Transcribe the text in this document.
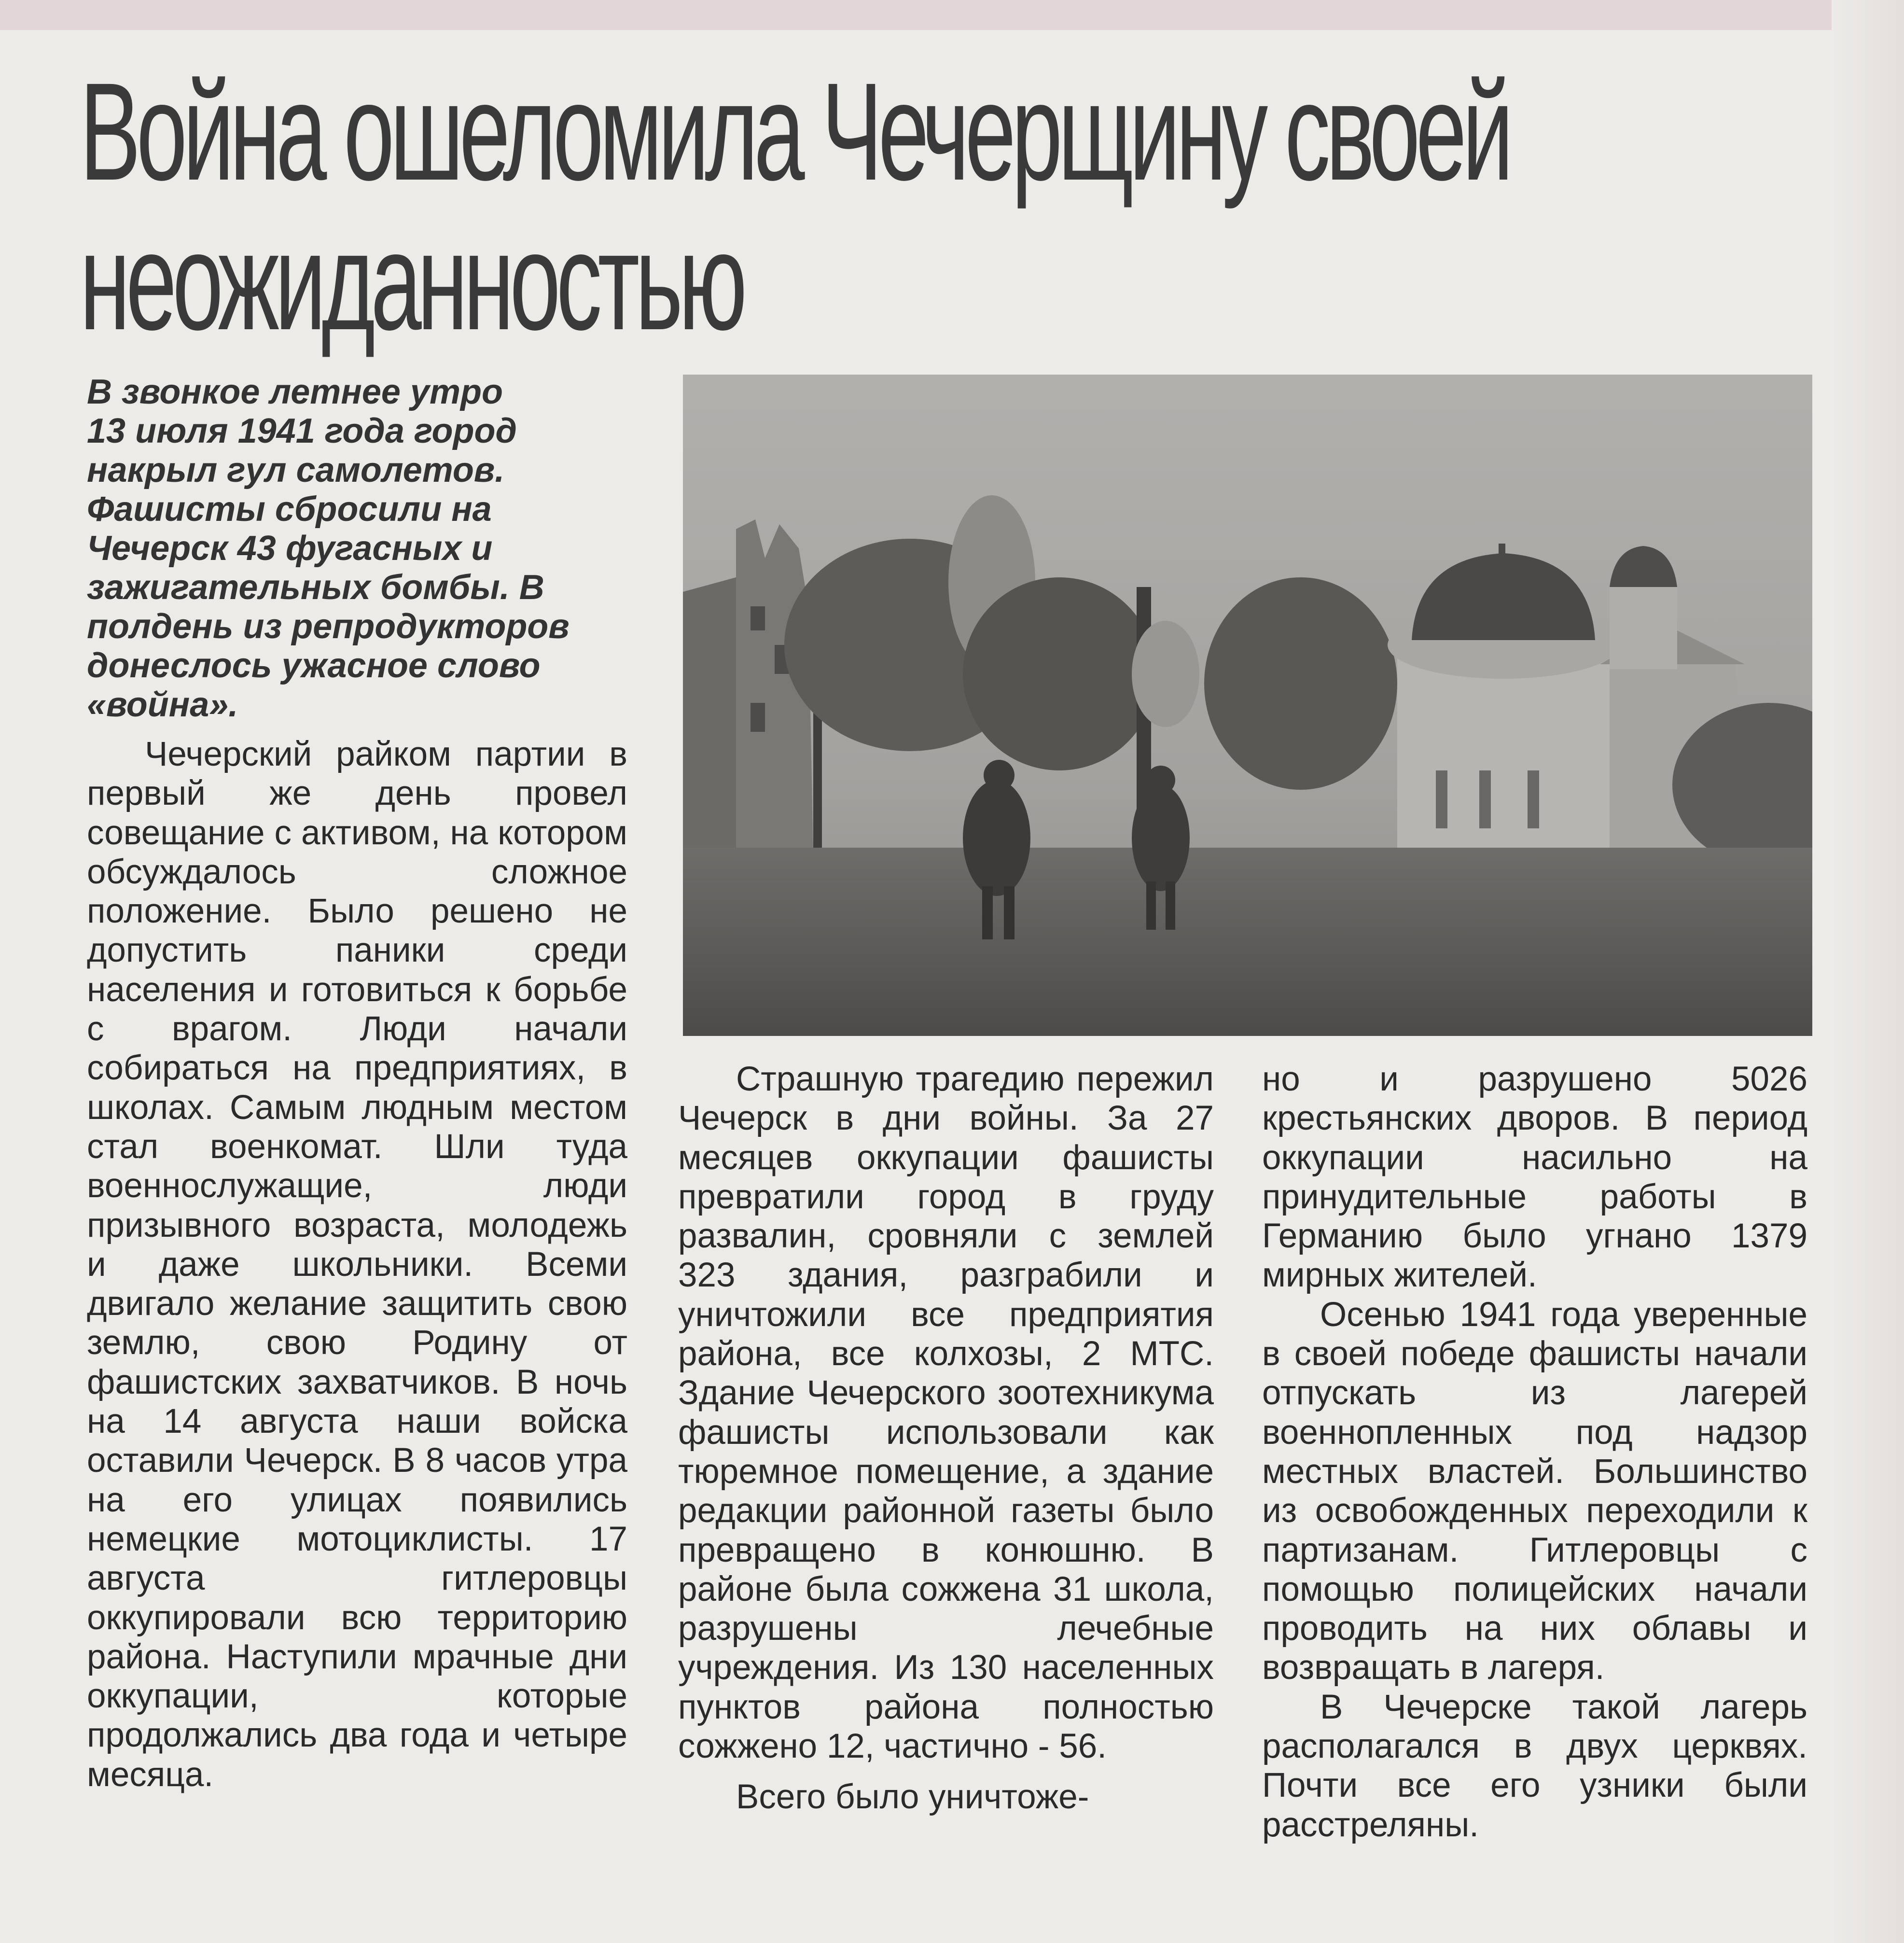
Война ошеломила Чечерщину своей
неожиданностью
В звонкое летнее утро
13 июля 1941 года город
накрыл гул самолетов.
Фашисты сбросили на
Чечерск 43 фугасных и
зажигательных бомбы. В
полдень из репродукторов
донеслось ужасное слово
«война».

Чечерский райком партии в первый же день провел совещание с активом, на котором обсуждалось сложное положение. Было решено не допустить паники среди населения и готовиться к борьбе с врагом. Люди начали собираться на предприятиях, в школах. Самым людным местом стал военкомат. Шли туда военнослужащие, люди призывного возраста, молодежь и даже школьники. Всеми двигало желание защитить свою землю, свою Родину от фашистских захватчиков. В ночь на 14 августа наши войска оставили Чечерск. В 8 часов утра на его улицах появились немецкие мотоциклисты. 17 августа гитлеровцы оккупировали всю территорию района. Наступили мрачные дни оккупации, которые продолжались два года и четыре месяца.

Страшную трагедию пережил Чечерск в дни войны. За 27 месяцев оккупации фашисты превратили город в груду развалин, сровняли с землей 323 здания, разграбили и уничтожили все предприятия района, все колхозы, 2 МТС. Здание Чечерского зоотехникума фашисты использовали как тюремное помещение, а здание редакции районной газеты было превращено в конюшню. В районе была сожжена 31 школа, разрушены лечебные учреждения. Из 130 населенных пунктов района полностью сожжено 12, частично - 56.

Всего было уничтоже-

но и разрушено 5026 крестьянских дворов. В период оккупации насильно на принудительные работы в Германию было угнано 1379 мирных жителей.

Осенью 1941 года уверенные в своей победе фашисты начали отпускать из лагерей военнопленных под надзор местных властей. Большинство из освобожденных переходили к партизанам. Гитлеровцы с помощью полицейских начали проводить на них облавы и возвращать в лагеря.

В Чечерске такой лагерь располагался в двух церквях. Почти все его узники были расстреляны.
